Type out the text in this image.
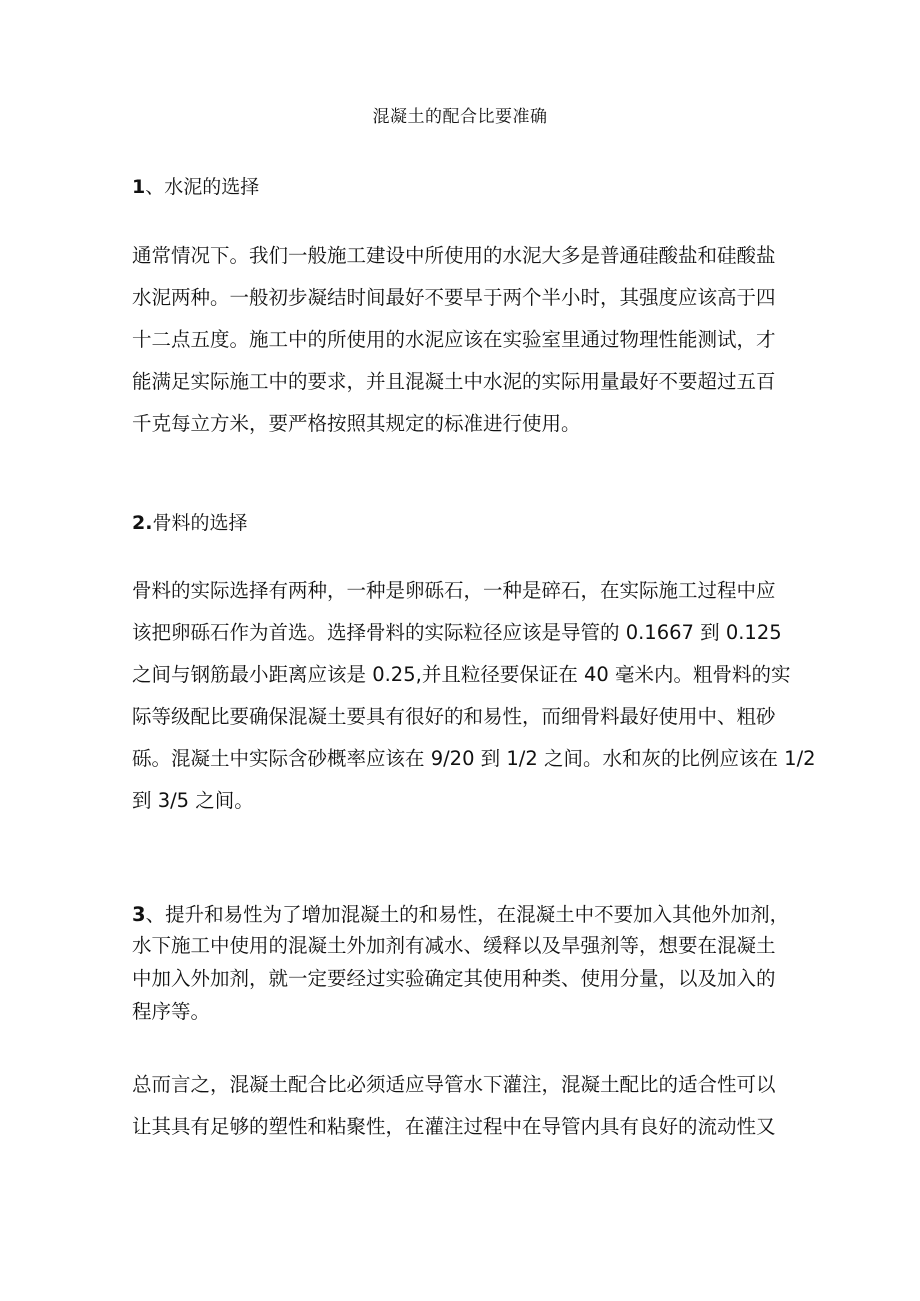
混凝土的配合比要准确
1、水泥的选择
通常情况下。我们一般施工建设中所使用的水泥大多是普通硅酸盐和硅酸盐
水泥两种。一般初步凝结时间最好不要早于两个半小时，其强度应该高于四
十二点五度。施工中的所使用的水泥应该在实验室里通过物理性能测试，才
能满足实际施工中的要求，并且混凝土中水泥的实际用量最好不要超过五百
千克每立方米，要严格按照其规定的标准进行使用。
2.骨料的选择
骨料的实际选择有两种，一种是卵砾石，一种是碎石，在实际施工过程中应
该把卵砾石作为首选。选择骨料的实际粒径应该是导管的 0.1667 到 0.125
之间与钢筋最小距离应该是 0.25,并且粒径要保证在 40 毫米内。粗骨料的实
际等级配比要确保混凝土要具有很好的和易性，而细骨料最好使用中、粗砂
砾。混凝土中实际含砂概率应该在 9/20 到 1/2 之间。水和灰的比例应该在 1/2
到 3/5 之间。
3、提升和易性为了增加混凝土的和易性，在混凝土中不要加入其他外加剂，
水下施工中使用的混凝土外加剂有减水、缓释以及旱强剂等，想要在混凝土
中加入外加剂，就一定要经过实验确定其使用种类、使用分量，以及加入的
程序等。
总而言之，混凝土配合比必须适应导管水下灌注，混凝土配比的适合性可以
让其具有足够的塑性和粘聚性，在灌注过程中在导管内具有良好的流动性又
